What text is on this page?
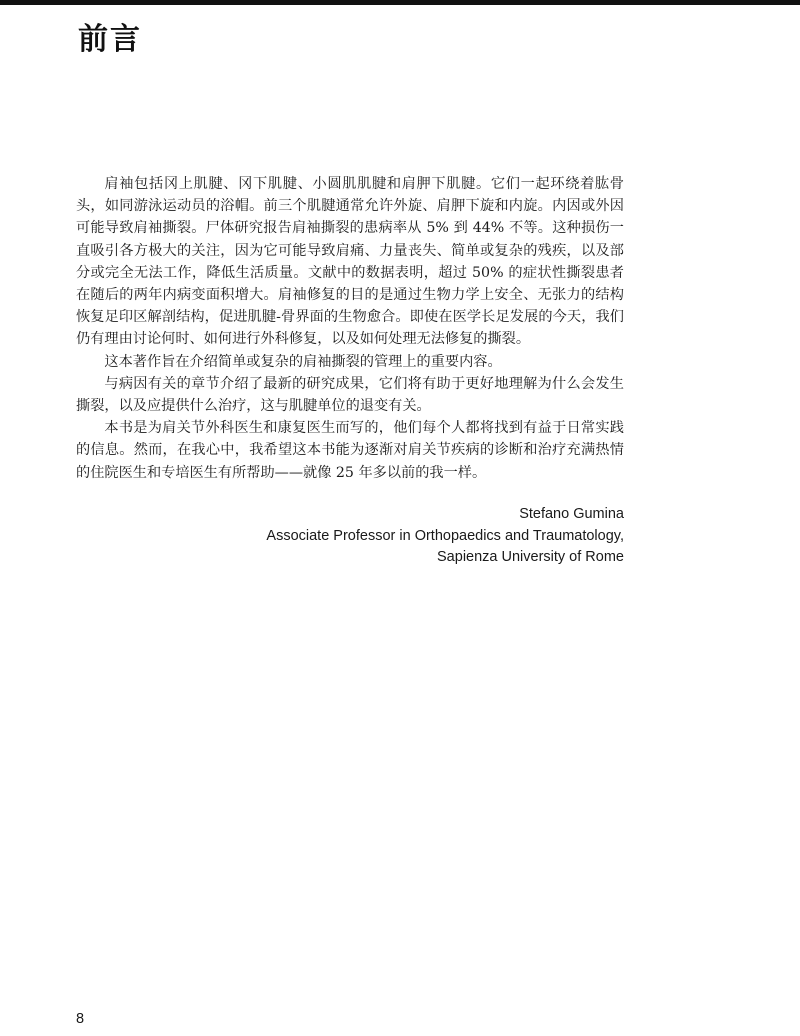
前言

肩袖包括冈上肌腱、冈下肌腱、小圆肌肌腱和肩胛下肌腱。它们一起环绕着肱骨头，如同游泳运动员的浴帽。前三个肌腱通常允许外旋、肩胛下旋和内旋。内因或外因可能导致肩袖撕裂。尸体研究报告肩袖撕裂的患病率从 5% 到 44% 不等。这种损伤一直吸引各方极大的关注，因为它可能导致肩痛、力量丧失、简单或复杂的残疾，以及部分或完全无法工作，降低生活质量。文献中的数据表明，超过 50% 的症状性撕裂患者在随后的两年内病变面积增大。肩袖修复的目的是通过生物力学上安全、无张力的结构恢复足印区解剖结构，促进肌腱-骨界面的生物愈合。即使在医学长足发展的今天，我们仍有理由讨论何时、如何进行外科修复，以及如何处理无法修复的撕裂。

这本著作旨在介绍简单或复杂的肩袖撕裂的管理上的重要内容。

与病因有关的章节介绍了最新的研究成果，它们将有助于更好地理解为什么会发生撕裂，以及应提供什么治疗，这与肌腱单位的退变有关。

本书是为肩关节外科医生和康复医生而写的，他们每个人都将找到有益于日常实践的信息。然而，在我心中，我希望这本书能为逐渐对肩关节疾病的诊断和治疗充满热情的住院医生和专培医生有所帮助——就像 25 年多以前的我一样。

Stefano Gumina
Associate Professor in Orthopaedics and Traumatology,
Sapienza University of Rome
8
